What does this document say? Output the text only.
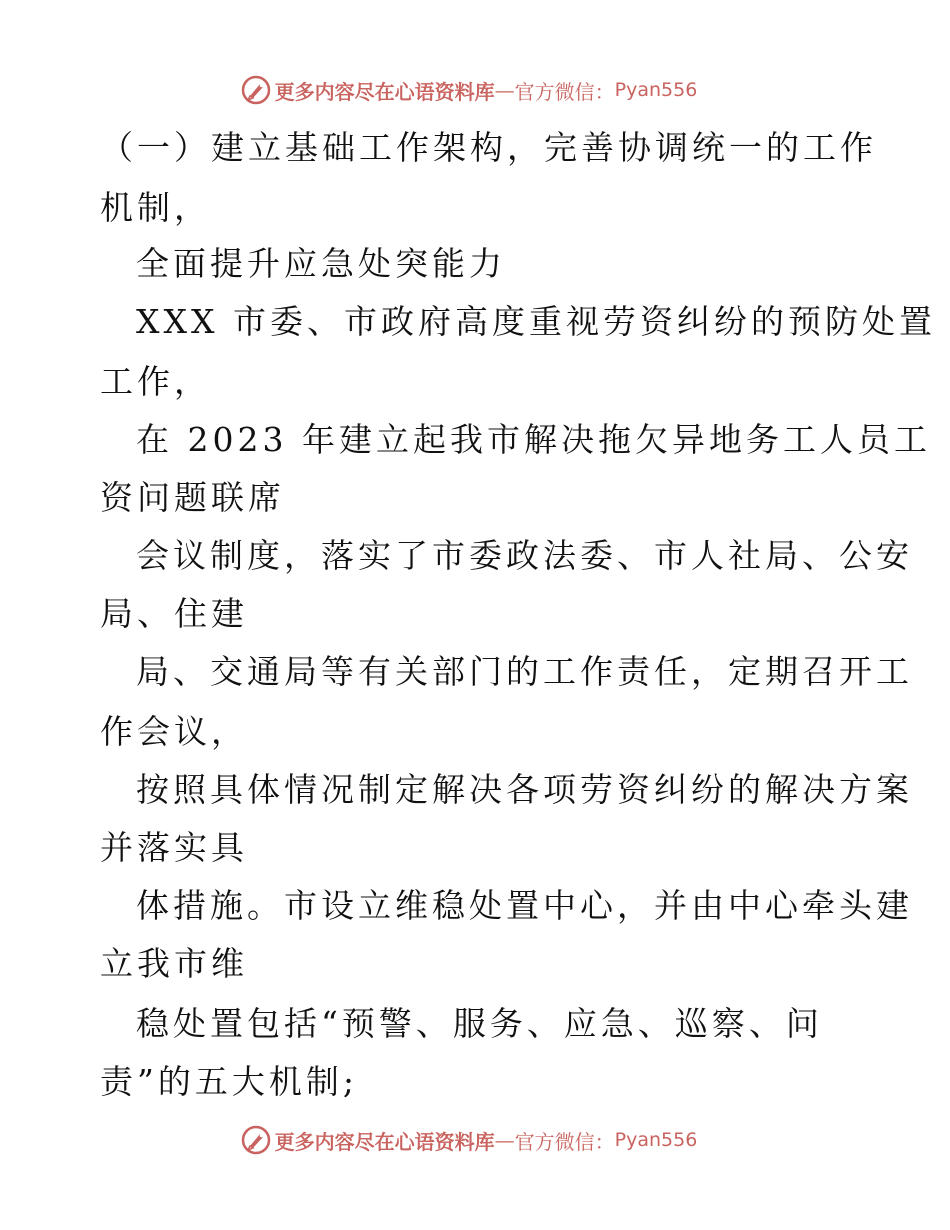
更多内容尽在心语资料库 — 官方微信： Pyan556
（一）建立基础工作架构，完善协调统一的工作
机制，
全面提升应急处突能力
XXX 市委、市政府高度重视劳资纠纷的预防处置
工作，
在 2023 年建立起我市解决拖欠异地务工人员工
资问题联席
会议制度，落实了市委政法委、市人社局、公安
局、住建
局、交通局等有关部门的工作责任，定期召开工
作会议，
按照具体情况制定解决各项劳资纠纷的解决方案
并落实具
体措施。市设立维稳处置中心，并由中心牵头建
立我市维
稳处置包括“预警、服务、应急、巡察、问
责”的五大机制;
更多内容尽在心语资料库 — 官方微信： Pyan556
